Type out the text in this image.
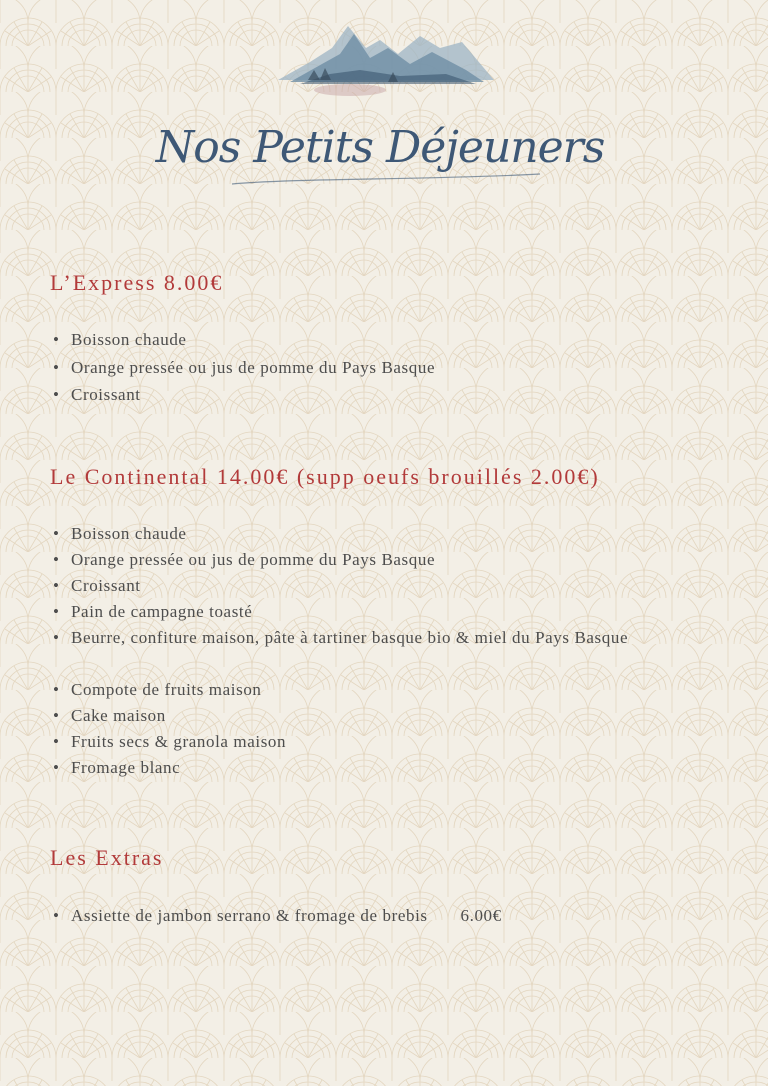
Nos Petits Déjeuners
L’Express 8.00€
• Boisson chaude
• Orange pressée ou jus de pomme du Pays Basque
• Croissant
Le Continental 14.00€ (supp oeufs brouillés 2.00€)
• Boisson chaude
• Orange pressée ou jus de pomme du Pays Basque
• Croissant
• Pain de campagne toasté
• Beurre, confiture maison, pâte à tartiner basque bio & miel du Pays Basque
• Compote de fruits maison
• Cake maison
• Fruits secs & granola maison
• Fromage blanc
Les Extras
• Assiette de jambon serrano & fromage de brebis 6.00€
